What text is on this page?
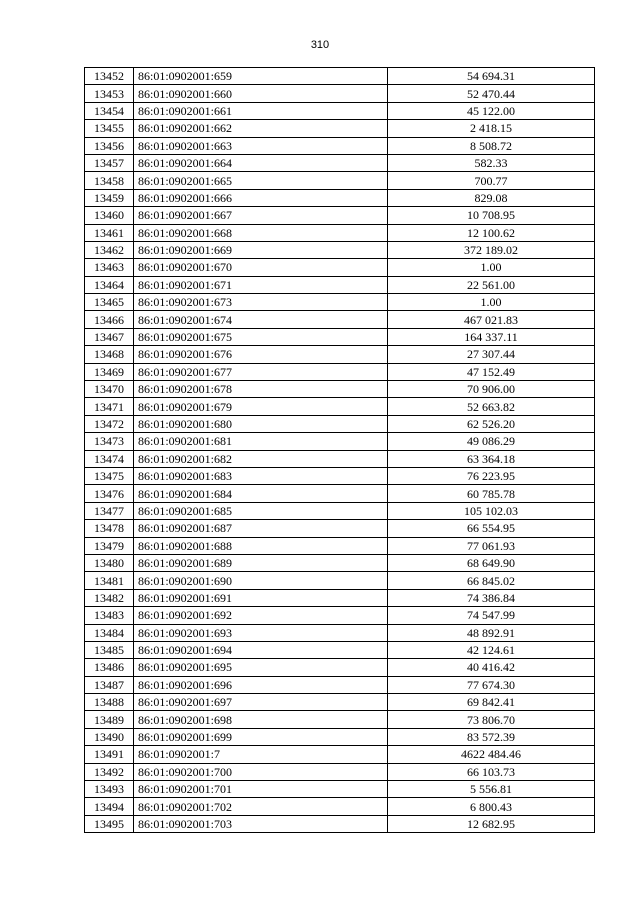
310
13452	86:01:0902001:659	54 694.31
13453	86:01:0902001:660	52 470.44
13454	86:01:0902001:661	45 122.00
13455	86:01:0902001:662	2 418.15
13456	86:01:0902001:663	8 508.72
13457	86:01:0902001:664	582.33
13458	86:01:0902001:665	700.77
13459	86:01:0902001:666	829.08
13460	86:01:0902001:667	10 708.95
13461	86:01:0902001:668	12 100.62
13462	86:01:0902001:669	372 189.02
13463	86:01:0902001:670	1.00
13464	86:01:0902001:671	22 561.00
13465	86:01:0902001:673	1.00
13466	86:01:0902001:674	467 021.83
13467	86:01:0902001:675	164 337.11
13468	86:01:0902001:676	27 307.44
13469	86:01:0902001:677	47 152.49
13470	86:01:0902001:678	70 906.00
13471	86:01:0902001:679	52 663.82
13472	86:01:0902001:680	62 526.20
13473	86:01:0902001:681	49 086.29
13474	86:01:0902001:682	63 364.18
13475	86:01:0902001:683	76 223.95
13476	86:01:0902001:684	60 785.78
13477	86:01:0902001:685	105 102.03
13478	86:01:0902001:687	66 554.95
13479	86:01:0902001:688	77 061.93
13480	86:01:0902001:689	68 649.90
13481	86:01:0902001:690	66 845.02
13482	86:01:0902001:691	74 386.84
13483	86:01:0902001:692	74 547.99
13484	86:01:0902001:693	48 892.91
13485	86:01:0902001:694	42 124.61
13486	86:01:0902001:695	40 416.42
13487	86:01:0902001:696	77 674.30
13488	86:01:0902001:697	69 842.41
13489	86:01:0902001:698	73 806.70
13490	86:01:0902001:699	83 572.39
13491	86:01:0902001:7	4622 484.46
13492	86:01:0902001:700	66 103.73
13493	86:01:0902001:701	5 556.81
13494	86:01:0902001:702	6 800.43
13495	86:01:0902001:703	12 682.95
